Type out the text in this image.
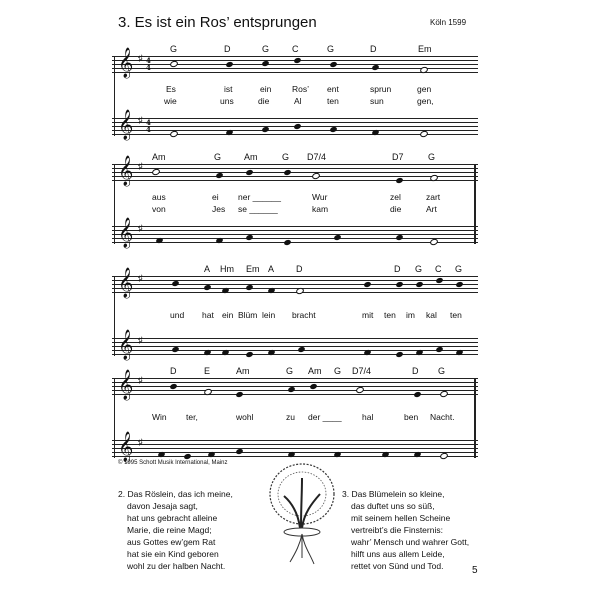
3. Es ist ein Ros’ entsprungen	Köln 1599
G	D	G	C	G	D	Em
𝄞 ♯ 4
4
Es	ist	ein Ros’ ent	sprun	gen
wie	uns	die	Al	ten	sun	gen,
𝄞 ♯ 4
4
Am	G	Am	G D7/4	D7	G
𝄞 ♯
aus	ei ner ______	Wur	zel	zart
von	Jes se ______	kam	die	Art
𝄞 ♯
A Hm Em A D	D G C G
𝄞 ♯
und hat ein Blüm lein bracht	mit ten im kal ten
𝄞 ♯
D	E	Am	G Am G D7/4	D G
𝄞 ♯
Win ter,	wohl	zu der ____ hal	ben Nacht.
𝄞 ♯
© 1995 Schott Musik International, Mainz
2. Das Röslein, das ich meine,
davon Jesaja sagt,
hat uns gebracht alleine
Marie, die reine Magd;
aus Gottes ew’gem Rat
hat sie ein Kind geboren
wohl zu der halben Nacht.
3. Das Blümelein so kleine,
das duftet uns so süß,
mit seinem hellen Scheine
vertreibt’s die Finsternis:
wahr’ Mensch und wahrer Gott,
hilft uns aus allem Leide,
rettet von Sünd und Tod.	5
